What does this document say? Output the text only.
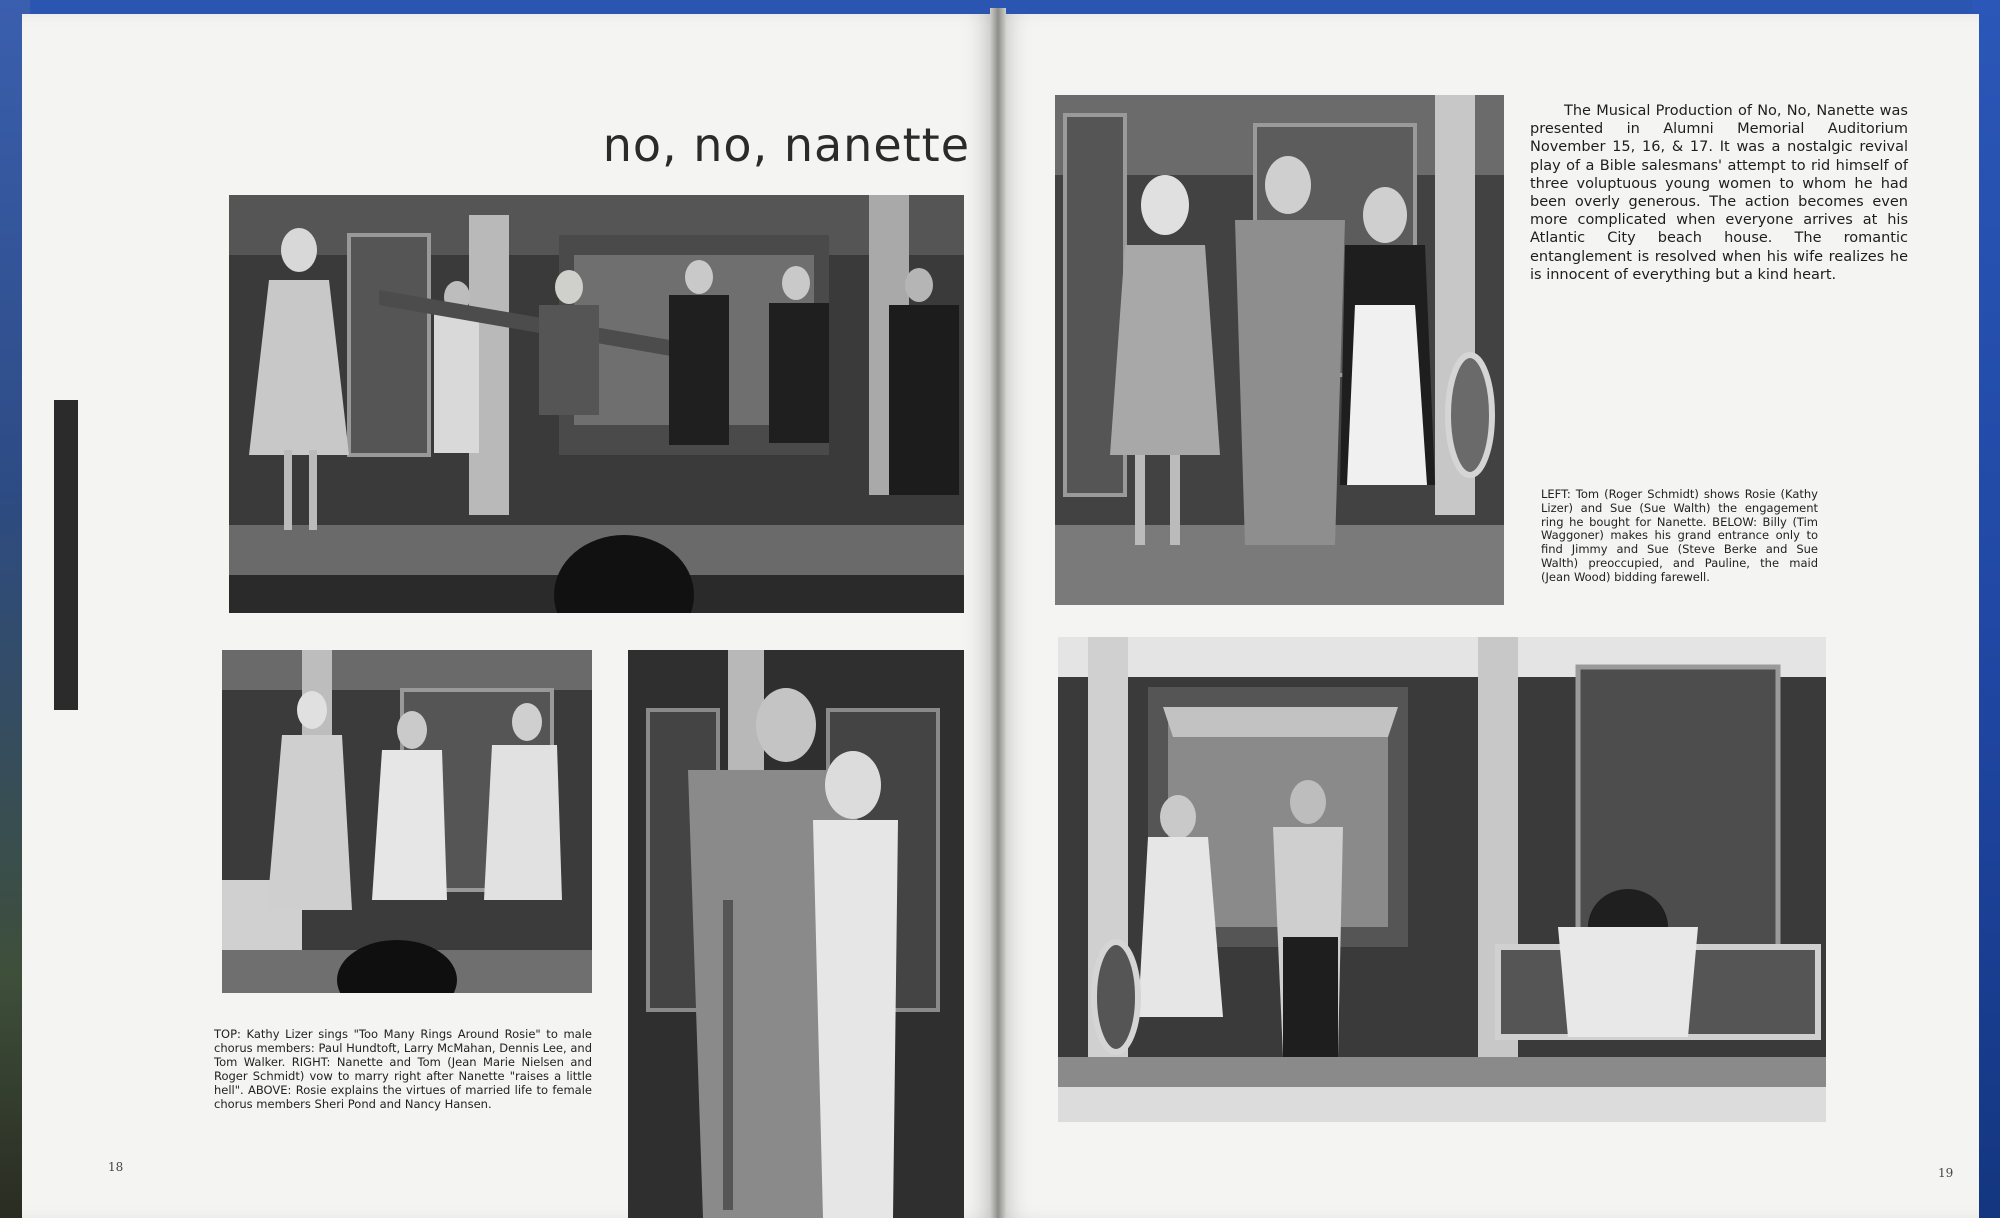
no, no, nanette
The Musical Production of No, No, Nanette was presented in Alumni Memorial Auditorium November 15, 16, & 17. It was a nostalgic revival play of a Bible salesmans' attempt to rid himself of three voluptuous young women to whom he had been overly generous. The action becomes even more complicated when everyone arrives at his Atlantic City beach house. The romantic entanglement is resolved when his wife realizes he is innocent of everything but a kind heart.
LEFT: Tom (Roger Schmidt) shows Rosie (Kathy Lizer) and Sue (Sue Walth) the engagement ring he bought for Nanette. BELOW: Billy (Tim Waggoner) makes his grand entrance only to find Jimmy and Sue (Steve Berke and Sue Walth) preoccupied, and Pauline, the maid (Jean Wood) bidding farewell.
TOP: Kathy Lizer sings "Too Many Rings Around Rosie" to male chorus members: Paul Hundtoft, Larry McMahan, Dennis Lee, and Tom Walker. RIGHT: Nanette and Tom (Jean Marie Nielsen and Roger Schmidt) vow to marry right after Nanette "raises a little hell". ABOVE: Rosie explains the virtues of married life to female chorus members Sheri Pond and Nancy Hansen.
18	19
